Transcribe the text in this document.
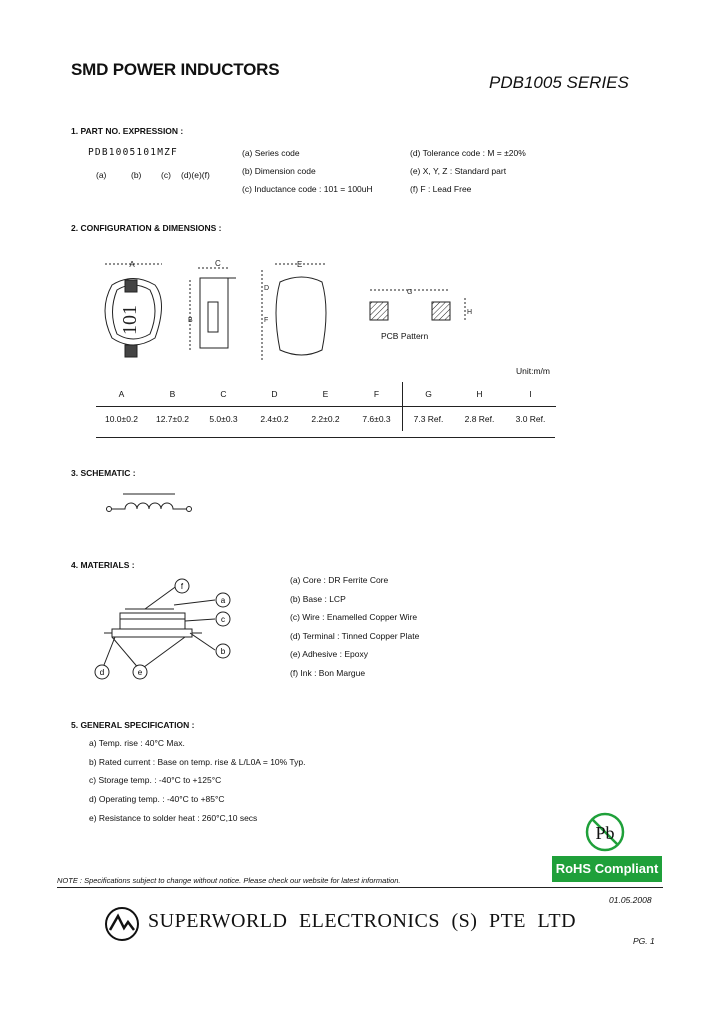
SMD POWER INDUCTORS
PDB1005 SERIES
1. PART NO. EXPRESSION :
PDB1005101MZF
(a)	(b) (c) (d)(e)(f)
(a) Series code
(b) Dimension code
(c) Inductance code : 101 = 100uH
(d) Tolerance code : M = ±20%
(e) X, Y, Z : Standard part
(f) F : Lead Free
2. CONFIGURATION & DIMENSIONS :
A
101
C
B
E
D
F
G
H
PCB Pattern
Unit:m/m
A	B	C	D	E	F	G	H	I
10.0±0.2	12.7±0.2	5.0±0.3	2.4±0.2	2.2±0.2	7.6±0.3	7.3 Ref.	2.8 Ref.	3.0 Ref.
3. SCHEMATIC :
4. MATERIALS :
f
a
c
b
d	e
(a) Core : DR Ferrite Core
(b) Base : LCP
(c) Wire : Enamelled Copper Wire
(d) Terminal : Tinned Copper Plate
(e) Adhesive : Epoxy
(f) Ink : Bon Margue
5. GENERAL SPECIFICATION :
a) Temp. rise : 40°C Max.
b) Rated current : Base on temp. rise & L/L0A = 10% Typ.
c) Storage temp. : -40°C to +125°C
d) Operating temp. : -40°C to +85°C
e) Resistance to solder heat : 260°C,10 secs
Pb
RoHS Compliant
NOTE : Specifications subject to change without notice. Please check our website for latest information.
01.05.2008
SUPERWORLD ELECTRONICS (S) PTE LTD
PG. 1
